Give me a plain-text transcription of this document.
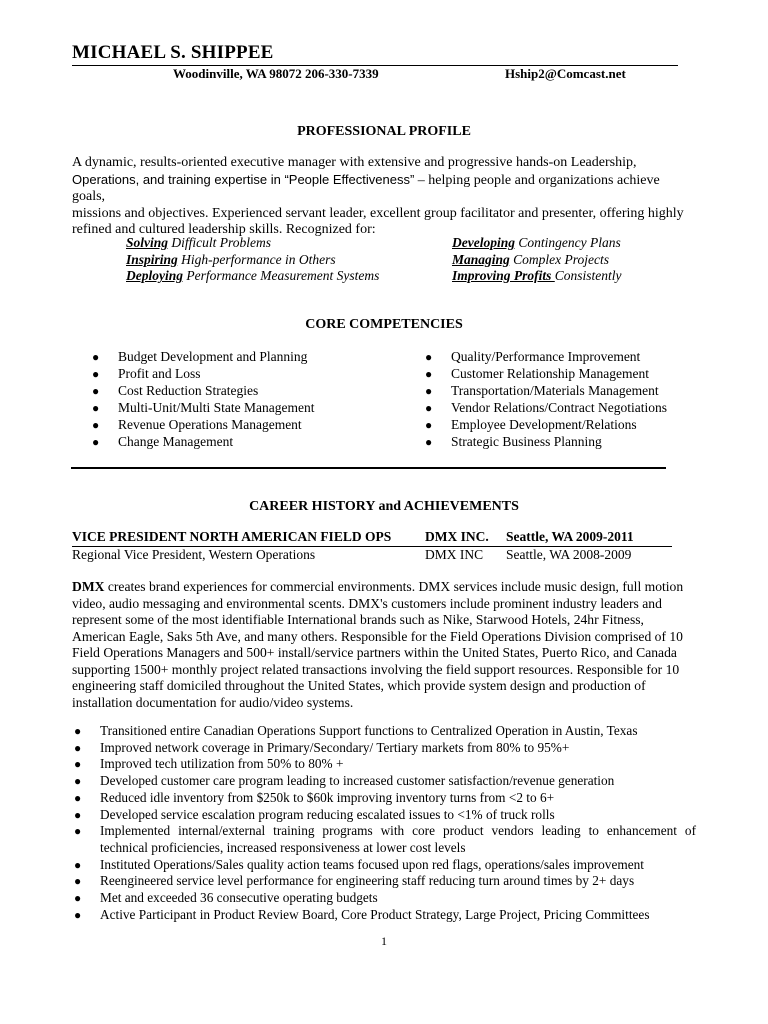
MICHAEL S. SHIPPEE
Woodinville, WA 98072 206-330-7339	Hship2@Comcast.net
PROFESSIONAL PROFILE
A dynamic, results-oriented executive manager with extensive and progressive hands-on Leadership,
Operations, and training expertise in “People Effectiveness” – helping people and organizations achieve goals,
missions and objectives. Experienced servant leader, excellent group facilitator and presenter, offering highly refined and cultured leadership skills. Recognized for:
Solving Difficult Problems
Inspiring High-performance in Others
Deploying Performance Measurement Systems
Developing Contingency Plans
Managing Complex Projects
Improving Profits Consistently
CORE COMPETENCIES
● Budget Development and Planning
● Profit and Loss
● Cost Reduction Strategies
● Multi-Unit/Multi State Management
● Revenue Operations Management
● Change Management
● Quality/Performance Improvement
● Customer Relationship Management
● Transportation/Materials Management
● Vendor Relations/Contract Negotiations
● Employee Development/Relations
● Strategic Business Planning
CAREER HISTORY and ACHIEVEMENTS
VICE PRESIDENT NORTH AMERICAN FIELD OPS	DMX INC. Seattle, WA 2009-2011
Regional Vice President, Western Operations	DMX INC Seattle, WA 2008-2009
DMX creates brand experiences for commercial environments. DMX services include music design, full motion video, audio messaging and environmental scents. DMX's customers include prominent industry leaders and represent some of the most identifiable International brands such as Nike, Starwood Hotels, 24hr Fitness, American Eagle, Saks 5th Ave, and many others. Responsible for the Field Operations Division comprised of 10 Field Operations Managers and 500+ install/service partners within the United States, Puerto Rico, and Canada supporting 1500+ monthly project related transactions involving the field support resources. Responsible for 10 engineering staff domiciled throughout the United States, which provide system design and production of installation documentation for audio/video systems.
● Transitioned entire Canadian Operations Support functions to Centralized Operation in Austin, Texas
● Improved network coverage in Primary/Secondary/ Tertiary markets from 80% to 95%+
● Improved tech utilization from 50% to 80% +
● Developed customer care program leading to increased customer satisfaction/revenue generation
● Reduced idle inventory from $250k to $60k improving inventory turns from <2 to 6+
● Developed service escalation program reducing escalated issues to <1% of truck rolls
● Implemented internal/external training programs with core product vendors leading to enhancement of technical proficiencies, increased responsiveness at lower cost levels
● Instituted Operations/Sales quality action teams focused upon red flags, operations/sales improvement
● Reengineered service level performance for engineering staff reducing turn around times by 2+ days
● Met and exceeded 36 consecutive operating budgets
● Active Participant in Product Review Board, Core Product Strategy, Large Project, Pricing Committees
1
